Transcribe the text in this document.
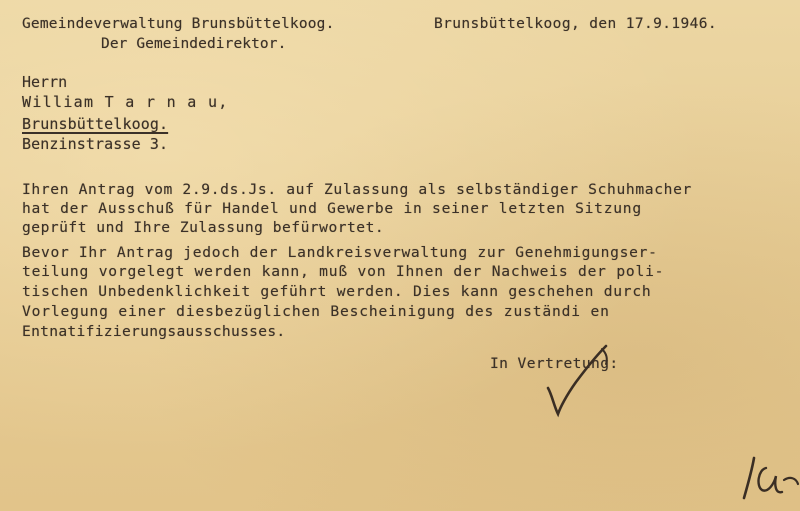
Gemeindeverwaltung Brunsbüttelkoog.	Brunsbüttelkoog, den 17.9.1946.

Der Gemeindedirektor.

Herrn

William T a r n a u,

Brunsbüttelkoog.

Benzinstrasse 3.

Ihren Antrag vom 2.9.ds.Js. auf Zulassung als selbständiger Schuhmacher

hat der Ausschuß für Handel und Gewerbe in seiner letzten Sitzung

geprüft und Ihre Zulassung befürwortet.

Bevor Ihr Antrag jedoch der Landkreisverwaltung zur Genehmigungser-

teilung vorgelegt werden kann, muß von Ihnen der Nachweis der poli-

tischen Unbedenklichkeit geführt werden. Dies kann geschehen durch

Vorlegung einer diesbezüglichen Bescheinigung des zuständi en

Entnatifizierungsausschusses.

In Vertretung:
